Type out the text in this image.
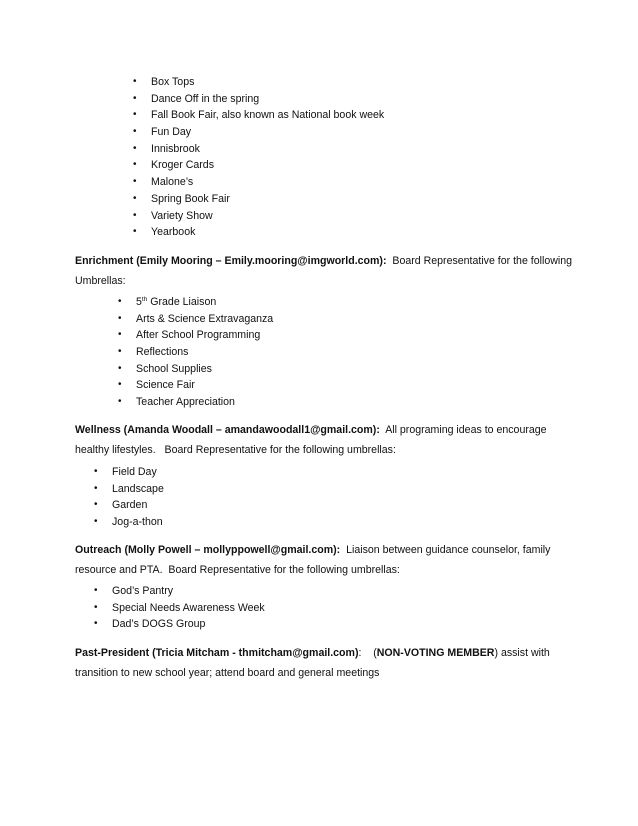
• Box Tops
• Dance Off in the spring
• Fall Book Fair, also known as National book week
• Fun Day
• Innisbrook
• Kroger Cards
• Malone’s
• Spring Book Fair
• Variety Show
• Yearbook
Enrichment (Emily Mooring – Emily.mooring@imgworld.com): Board Representative for the following Umbrellas:
• 5th Grade Liaison
• Arts & Science Extravaganza
• After School Programming
• Reflections
• School Supplies
• Science Fair
• Teacher Appreciation
Wellness (Amanda Woodall – amandawoodall1@gmail.com): All programing ideas to encourage healthy lifestyles.   Board Representative for the following umbrellas:
• Field Day
• Landscape
• Garden
• Jog-a-thon
Outreach (Molly Powell – mollyppowell@gmail.com): Liaison between guidance counselor, family resource and PTA.  Board Representative for the following umbrellas:
• God’s Pantry
• Special Needs Awareness Week
• Dad’s DOGS Group
Past-President (Tricia Mitcham - thmitcham@gmail.com): (NON-VOTING MEMBER) assist with transition to new school year; attend board and general meetings
